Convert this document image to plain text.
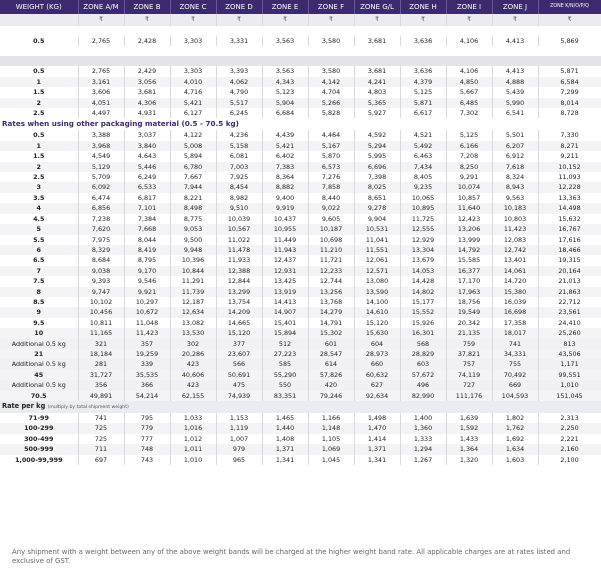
WEIGHT (KG)	ZONE A/M	ZONE B	ZONE C	ZONE D	ZONE E	ZONE F	ZONE G/L	ZONE H	ZONE I	ZONE J	ZONE K/N/O/P/Q
	₹	₹	₹	₹	₹	₹	₹	₹	₹	₹	₹

0.5	2,765	2,428	3,303	3,331	3,563	3,580	3,681	3,636	4,106	4,413	5,869

0.5	2,765	2,429	3,303	3,393	3,563	3,580	3,681	3,636	4,106	4,413	5,871
1	3,161	3,056	4,010	4,062	4,343	4,142	4,241	4,379	4,850	4,888	6,584
1.5	3,606	3,681	4,716	4,790	5,123	4,704	4,803	5,125	5,667	5,439	7,299
2	4,051	4,306	5,421	5,517	5,904	5,266	5,365	5,871	6,485	5,990	8,014
2.5	4,497	4,931	6,127	6,245	6,684	5,828	5,927	6,617	7,302	6,541	8,728
Rates when using other packaging material (0.5 - 70.5 kg)											
0.5	3,388	3,037	4,122	4,236	4,439	4,464	4,592	4,521	5,125	5,501	7,330
1	3,968	3,840	5,008	5,158	5,421	5,167	5,294	5,492	6,166	6,207	8,271
1.5	4,549	4,643	5,894	6,081	6,402	5,870	5,995	6,463	7,208	6,912	9,211
2	5,129	5,446	6,780	7,003	7,383	6,573	6,696	7,434	8,250	7,618	10,152
2.5	5,709	6,249	7,667	7,925	8,364	7,276	7,398	8,405	9,291	8,324	11,093
3	6,092	6,533	7,944	8,454	8,882	7,858	8,025	9,235	10,074	8,943	12,228
3.5	6,474	6,817	8,221	8,982	9,400	8,440	8,651	10,065	10,857	9,563	13,363
4	6,856	7,101	8,498	9,510	9,919	9,022	9,278	10,895	11,640	10,183	14,498
4.5	7,238	7,384	8,775	10,039	10,437	9,605	9,904	11,725	12,423	10,803	15,632
5	7,620	7,668	9,053	10,567	10,955	10,187	10,531	12,555	13,206	11,423	16,767
5.5	7,975	8,044	9,500	11,022	11,449	10,698	11,041	12,929	13,999	12,083	17,616
6	8,329	8,419	9,948	11,478	11,943	11,210	11,551	13,304	14,792	12,742	18,466
6.5	8,684	8,795	10,396	11,933	12,437	11,721	12,061	13,679	15,585	13,401	19,315
7	9,038	9,170	10,844	12,388	12,931	12,233	12,571	14,053	16,377	14,061	20,164
7.5	9,393	9,546	11,291	12,844	13,425	12,744	13,080	14,428	17,170	14,720	21,013
8	9,747	9,921	11,739	13,299	13,919	13,256	13,590	14,802	17,963	15,380	21,863
8.5	10,102	10,297	12,187	13,754	14,413	13,768	14,100	15,177	18,756	16,039	22,712
9	10,456	10,672	12,634	14,209	14,907	14,279	14,610	15,552	19,549	16,698	23,561
9.5	10,811	11,048	13,082	14,665	15,401	14,791	15,120	15,926	20,342	17,358	24,410
10	11,165	11,423	13,530	15,120	15,894	15,302	15,630	16,301	21,135	18,017	25,260
Additional 0.5 kg	321	357	302	377	512	601	604	568	759	741	813
21	18,184	19,259	20,286	23,607	27,223	28,547	28,973	28,829	37,821	34,331	43,506
Additional 0.5 kg	281	339	423	566	585	614	660	603	757	755	1,171
45	31,727	35,535	40,606	50,691	55,290	57,826	60,632	57,672	74,119	70,492	99,551
Additional 0.5 kg	356	366	423	475	550	420	627	496	727	669	1,010
70.5	49,891	54,214	62,155	74,939	83,351	79,246	92,634	82,990	111,176	104,593	151,045
Rate per kg (multiply by total shipment weight)											
71-99	741	795	1,033	1,153	1,465	1,166	1,498	1,400	1,639	1,802	2,313
100-299	725	779	1,016	1,119	1,440	1,148	1,470	1,360	1,592	1,762	2,250
300-499	725	777	1,012	1,007	1,408	1,105	1,414	1,333	1,433	1,692	2,221
500-999	711	748	1,011	979	1,371	1,069	1,371	1,294	1,364	1,634	2,160
1,000-99,999	697	743	1,010	965	1,341	1,045	1,341	1,267	1,320	1,603	2,100
Any shipment with a weight between any of the above weight bands will be charged at the higher weight band rate. All applicable charges are at rates listed and exclusive of GST.
